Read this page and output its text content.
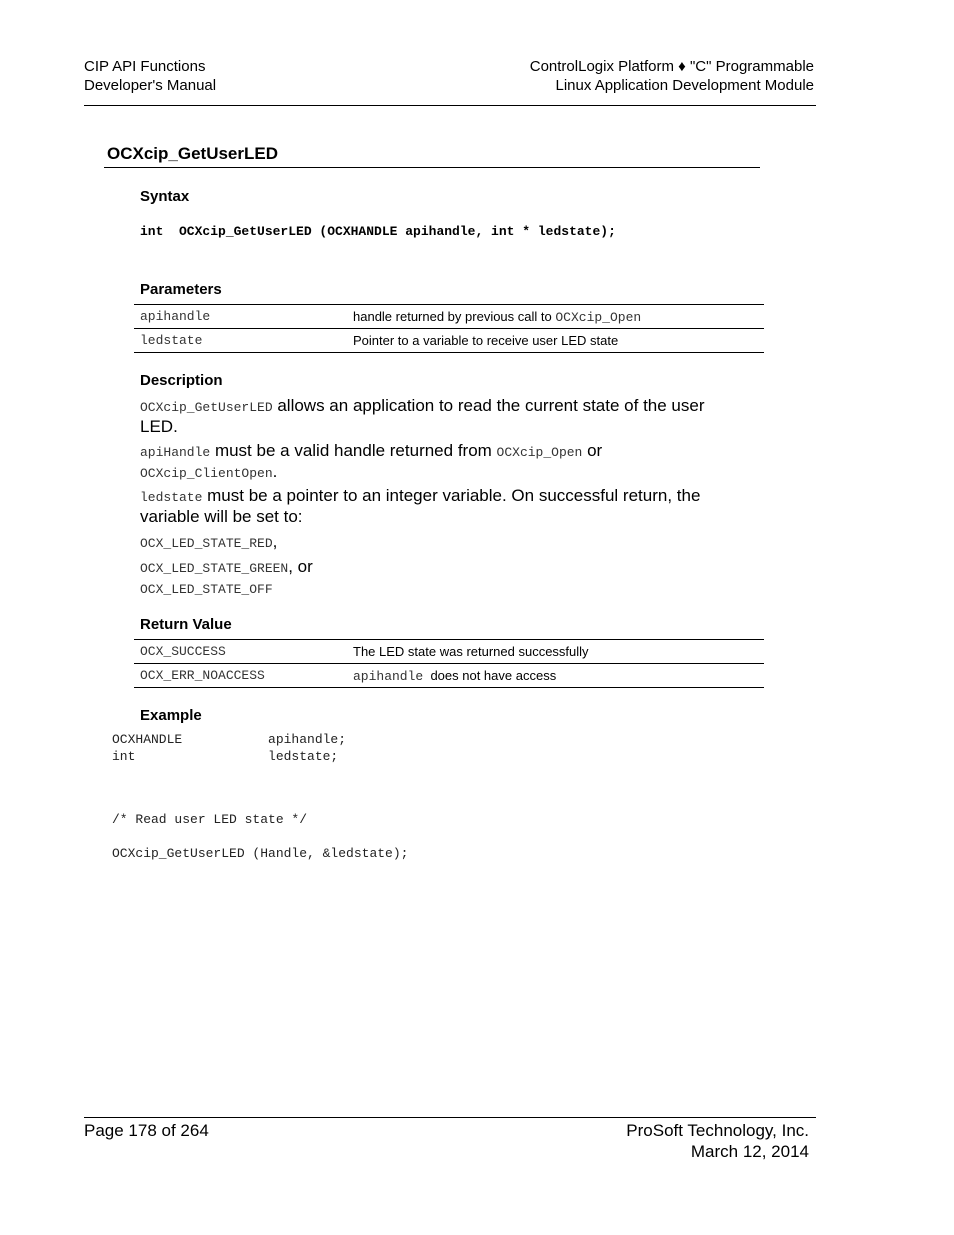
CIP API Functions
Developer's Manual
ControlLogix Platform ♦ "C" Programmable
Linux Application Development Module
OCXcip_GetUserLED
Syntax
int  OCXcip_GetUserLED (OCXHANDLE apihandle, int * ledstate);
Parameters
apihandle	handle returned by previous call to OCXcip_Open
ledstate	Pointer to a variable to receive user LED state
Description
OCXcip_GetUserLED allows an application to read the current state of the user LED.
apiHandle must be a valid handle returned from OCXcip_Open or
OCXcip_ClientOpen.
ledstate must be a pointer to an integer variable. On successful return, the variable will be set to:
OCX_LED_STATE_RED,
OCX_LED_STATE_GREEN, or
OCX_LED_STATE_OFF
Return Value
OCX_SUCCESS	The LED state was returned successfully
OCX_ERR_NOACCESS	apihandle  does not have access
Example
OCXHANDLE           apihandle;
int                 ledstate;
/* Read user LED state */
OCXcip_GetUserLED (Handle, &ledstate);
Page 178 of 264	ProSoft Technology, Inc.
March 12, 2014
